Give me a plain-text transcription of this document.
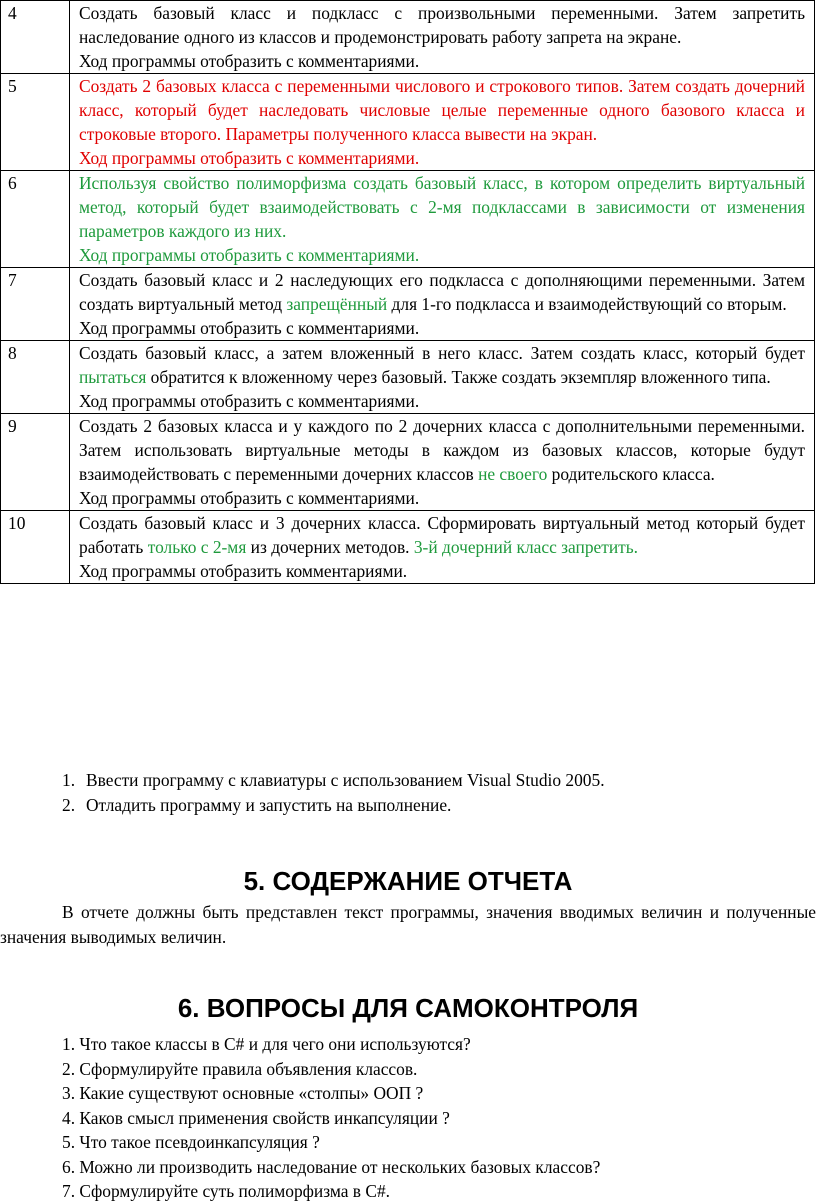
4	Создать базовый класс и подкласс с произвольными переменными. Затем запретить наследование одного из классов и продемонстрировать работу запрета на экране.
Ход программы отобразить с комментариями.

5	Создать 2 базовых класса с переменными числового и строкового типов. Затем создать дочерний класс, который будет наследовать числовые целые переменные одного базового класса и строковые второго. Параметры полученного класса вывести на экран.
Ход программы отобразить с комментариями.

6	Используя свойство полиморфизма создать базовый класс, в котором определить виртуальный метод, который будет взаимодействовать с 2-мя подклассами в зависимости от изменения параметров каждого из них.
Ход программы отобразить с комментариями.

7	Создать базовый класс и 2 наследующих его подкласса с дополняющими переменными. Затем создать виртуальный метод запрещённый для 1-го подкласса и взаимодействующий со вторым.
Ход программы отобразить с комментариями.

8	Создать базовый класс, а затем вложенный в него класс. Затем создать класс, который будет пытаться обратится к вложенному через базовый. Также создать экземпляр вложенного типа.
Ход программы отобразить с комментариями.

9	Создать 2 базовых класса и у каждого по 2 дочерних класса с дополнительными переменными. Затем использовать виртуальные методы в каждом из базовых классов, которые будут взаимодействовать с переменными дочерних классов не своего родительского класса.
Ход программы отобразить с комментариями.

10	Создать базовый класс и 3 дочерних класса. Сформировать виртуальный метод который будет работать только с 2-мя из дочерних методов. 3-й дочерний класс запретить.
Ход программы отобразить комментариями.
1. Ввести программу с клавиатуры с использованием Visual Studio 2005.
2. Отладить программу и запустить на выполнение.
5. СОДЕРЖАНИЕ ОТЧЕТА

В отчете должны быть представлен текст программы, значения вводимых величин и полученные значения выводимых величин.

6. ВОПРОСЫ ДЛЯ САМОКОНТРОЛЯ
1. Что такое классы в C# и для чего они используются?
2. Сформулируйте правила объявления классов.
3. Какие существуют основные «столпы» ООП ?
4. Каков смысл применения свойств инкапсуляции ?
5. Что такое псевдоинкапсуляция ?
6. Можно ли производить наследование от нескольких базовых классов?
7. Сформулируйте суть полиморфизма в C#.
